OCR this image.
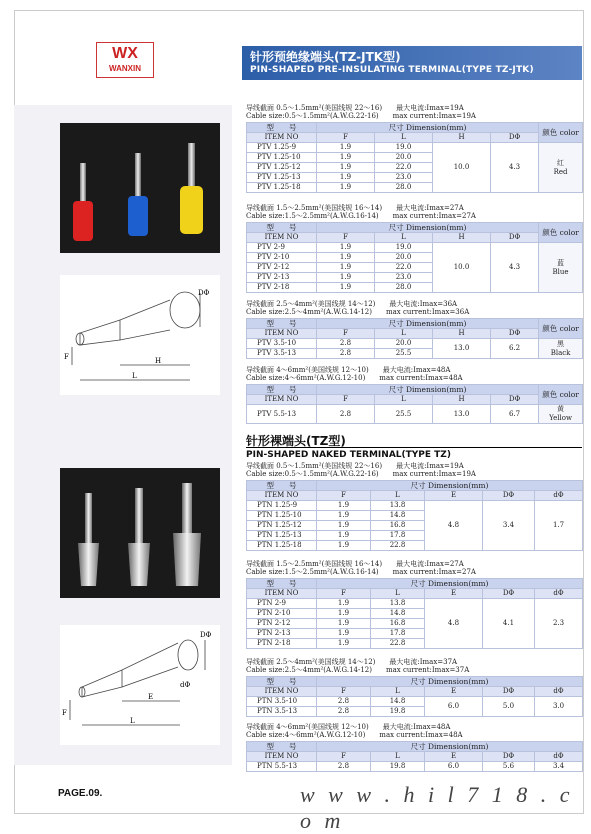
WX
WANXIN
针形预绝缘端头(TZ-JTK型)
PIN-SHAPED PRE-INSULATING TERMINAL(TYPE TZ-JTK)
DΦ
H
L
F
DΦ
dΦ
E
L
F
针形裸端头(TZ型)
PIN-SHAPED NAKED TERMINAL(TYPE TZ)
PAGE.09.	w w w . h i l 7 1 8 . c o m
导线截面 0.5～1.5mm²(美国线规 22～16)　　最大电流:Imax=19A
Cable size:0.5～1.5mm²(A.W.G.22-16)　　max current:Imax=19A
型　　号	尺寸 Dimension(mm)				颜色 color
ITEM NO	F	L	H	DΦ	
PTV 1.25-9	1.9	19.0	10.0	4.3	红
Red

PTV 1.25-10	1.9	20.0			
PTV 1.25-12	1.9	22.0			
PTV 1.25-13	1.9	23.0			
PTV 1.25-18	1.9	28.0			
导线截面 1.5～2.5mm²(美国线规 16～14)　　最大电流:Imax=27A
Cable size:1.5～2.5mm²(A.W.G.16-14)　　max current:Imax=27A
型　　号	尺寸 Dimension(mm)				颜色 color
ITEM NO	F	L	H	DΦ	
PTV 2-9	1.9	19.0	10.0	4.3	蓝
Blue

PTV 2-10	1.9	20.0			
PTV 2-12	1.9	22.0			
PTV 2-13	1.9	23.0			
PTV 2-18	1.9	28.0			
导线截面 2.5～4mm²(美国线规 14～12)　　最大电流:Imax=36A
Cable size:2.5～4mm²(A.W.G.14-12)　　max current:Imax=36A
型　　号	尺寸 Dimension(mm)				颜色 color
ITEM NO	F	L	H	DΦ	
PTV 3.5-10	2.8	20.0	13.0	6.2	黑
Black

PTV 3.5-13	2.8	25.5			
导线截面 4～6mm²(美国线规 12～10)　　最大电流:Imax=48A
Cable size:4～6mm²(A.W.G.12-10)　　max current:Imax=48A
型　　号	尺寸 Dimension(mm)				颜色 color
ITEM NO	F	L	H	DΦ	
PTV 5.5-13	2.8	25.5	13.0	6.7	黄
Yellow
导线截面 0.5～1.5mm²(美国线规 22～16)　　最大电流:Imax=19A
Cable size:0.5～1.5mm²(A.W.G.22-16)　　max current:Imax=19A
型　　号	尺寸 Dimension(mm)				
ITEM NO	F	L	E	DΦ	dΦ
PTN 1.25-9	1.9	13.8	4.8	3.4	1.7
PTN 1.25-10	1.9	14.8			
PTN 1.25-12	1.9	16.8			
PTN 1.25-13	1.9	17.8			
PTN 1.25-18	1.9	22.8			
导线截面 1.5～2.5mm²(美国线规 16～14)　　最大电流:Imax=27A
Cable size:1.5～2.5mm²(A.W.G.16-14)　　max current:Imax=27A
型　　号	尺寸 Dimension(mm)				
ITEM NO	F	L	E	DΦ	dΦ
PTN 2-9	1.9	13.8	4.8	4.1	2.3
PTN 2-10	1.9	14.8			
PTN 2-12	1.9	16.8			
PTN 2-13	1.9	17.8			
PTN 2-18	1.9	22.8			
导线截面 2.5～4mm²(美国线规 14～12)　　最大电流:Imax=37A
Cable size:2.5～4mm²(A.W.G.14-12)　　max current:Imax=37A
型　　号	尺寸 Dimension(mm)				
ITEM NO	F	L	E	DΦ	dΦ
PTN 3.5-10	2.8	14.8	6.0	5.0	3.0
PTN 3.5-13	2.8	19.8			
导线截面 4～6mm²(美国线规 12～10)　　最大电流:Imax=48A
Cable size:4～6mm²(A.W.G.12-10)　　max current:Imax=48A
型　　号	尺寸 Dimension(mm)				
ITEM NO	F	L	E	DΦ	dΦ
PTN 5.5-13	2.8	19.8	6.0	5.6	3.4
